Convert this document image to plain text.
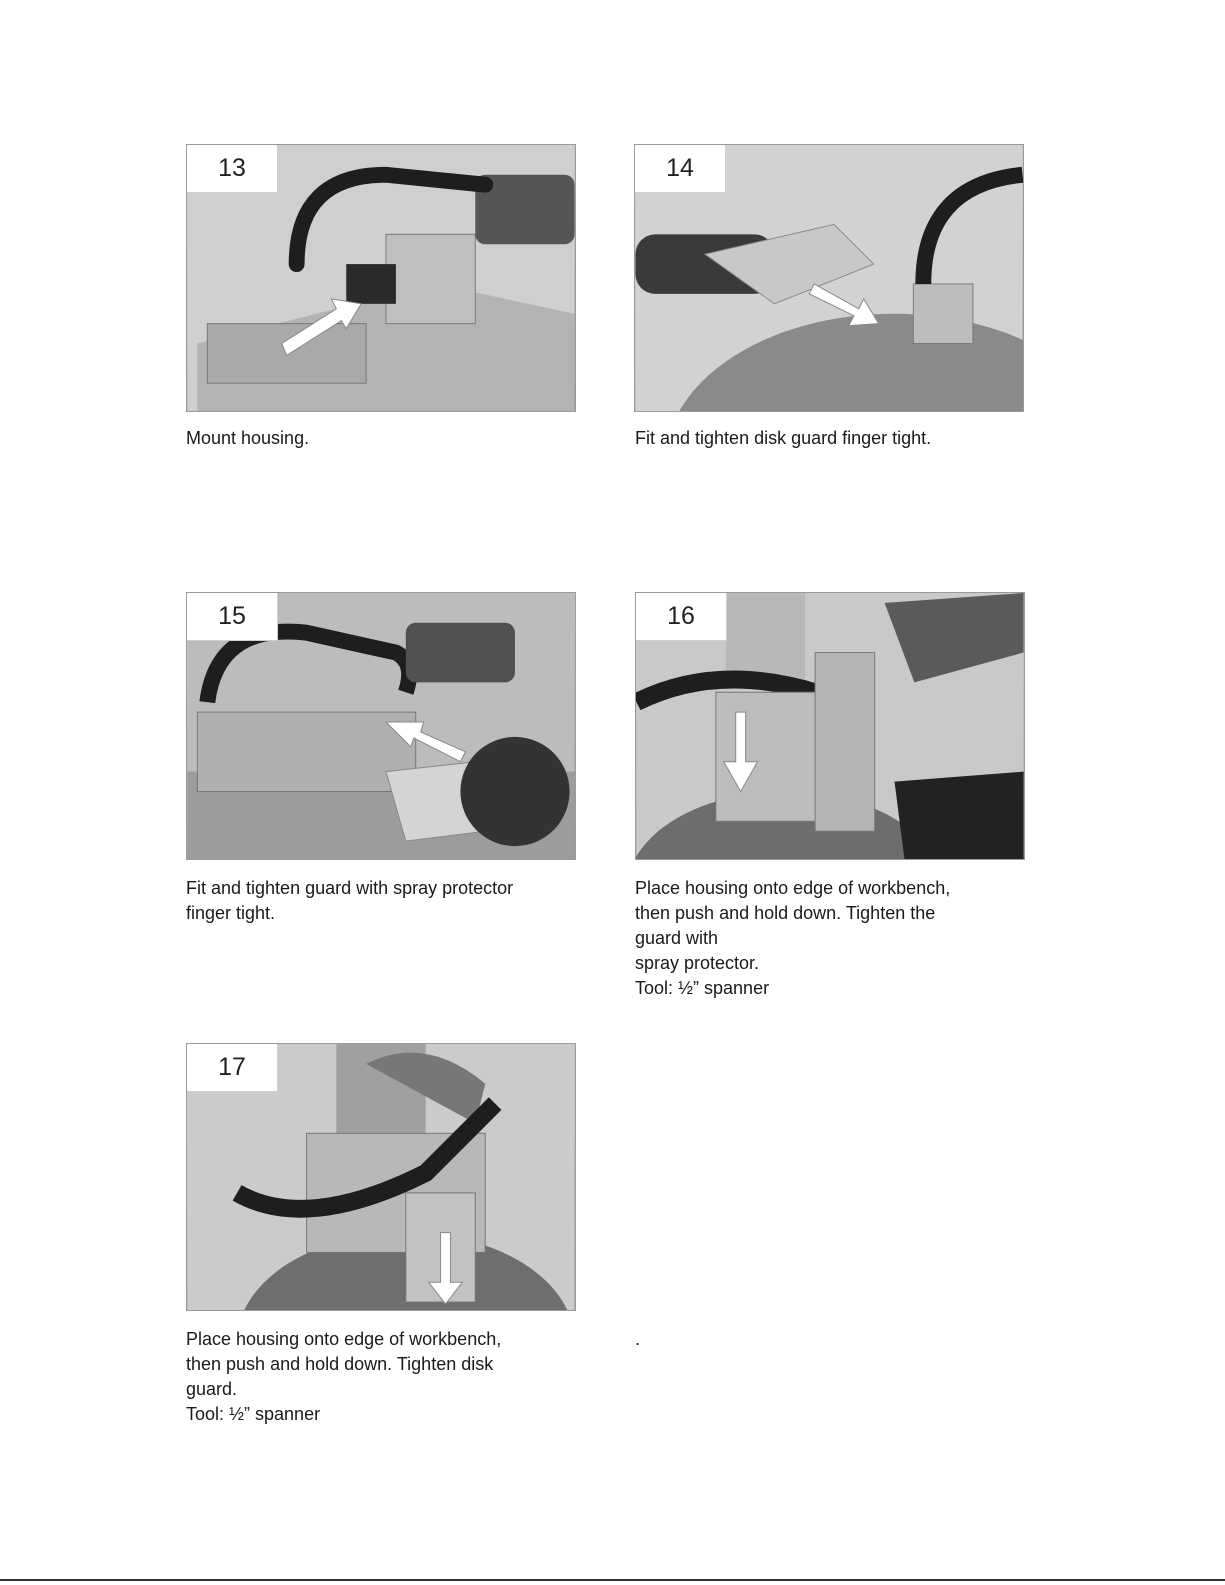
13
Mount housing.
14
Fit and tighten disk guard finger tight.
15
Fit and tighten guard with spray protector
finger tight.
16
Place housing onto edge of workbench,
then push and hold down. Tighten the
guard with
spray protector.
Tool: ½” spanner
17
Place housing onto edge of workbench,
then push and hold down. Tighten disk
guard.
Tool: ½” spanner
.
